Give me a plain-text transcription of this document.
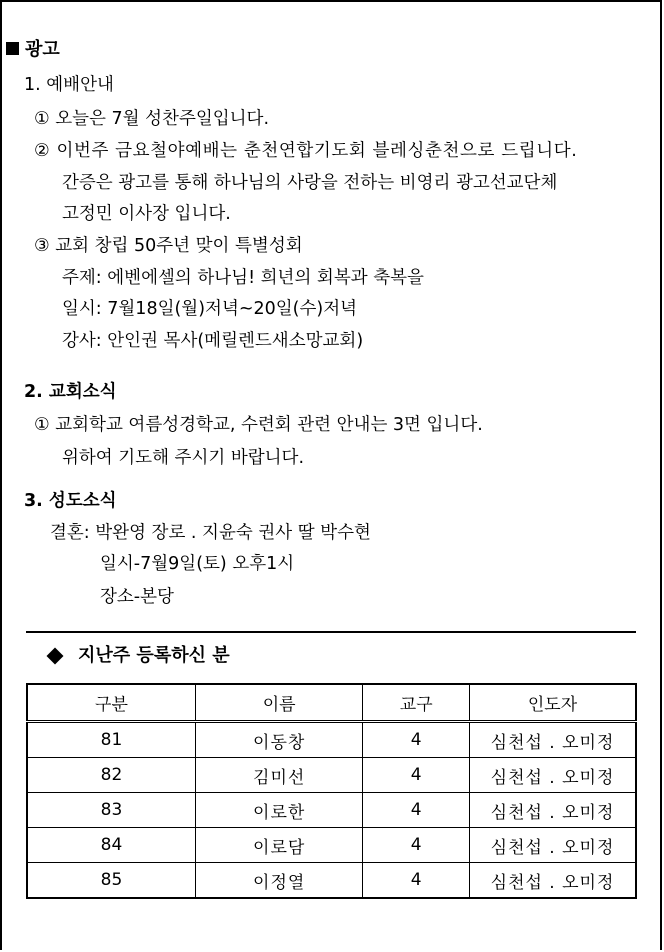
광고
1. 예배안내
① 오늘은 7월 성찬주일입니다.
② 이번주 금요철야예배는 춘천연합기도회 블레싱춘천으로 드립니다.
간증은 광고를 통해 하나님의 사랑을 전하는 비영리 광고선교단체
고정민 이사장 입니다.
③ 교회 창립 50주년 맞이 특별성회
주제: 에벤에셀의 하나님! 희년의 회복과 축복을
일시: 7월18일(월)저녁~20일(수)저녁
강사: 안인권 목사(메릴렌드새소망교회)
2. 교회소식
① 교회학교 여름성경학교, 수련회 관련 안내는 3면 입니다.
위하여 기도해 주시기 바랍니다.
3. 성도소식
결혼: 박완영 장로 . 지윤숙 권사 딸 박수현
일시-7월9일(토) 오후1시
장소-본당
지난주 등록하신 분
구분	이름	교구	인도자
81	이동창	4	심천섭 . 오미정
82	김미선	4	심천섭 . 오미정
83	이로한	4	심천섭 . 오미정
84	이로담	4	심천섭 . 오미정
85	이정열	4	심천섭 . 오미정
